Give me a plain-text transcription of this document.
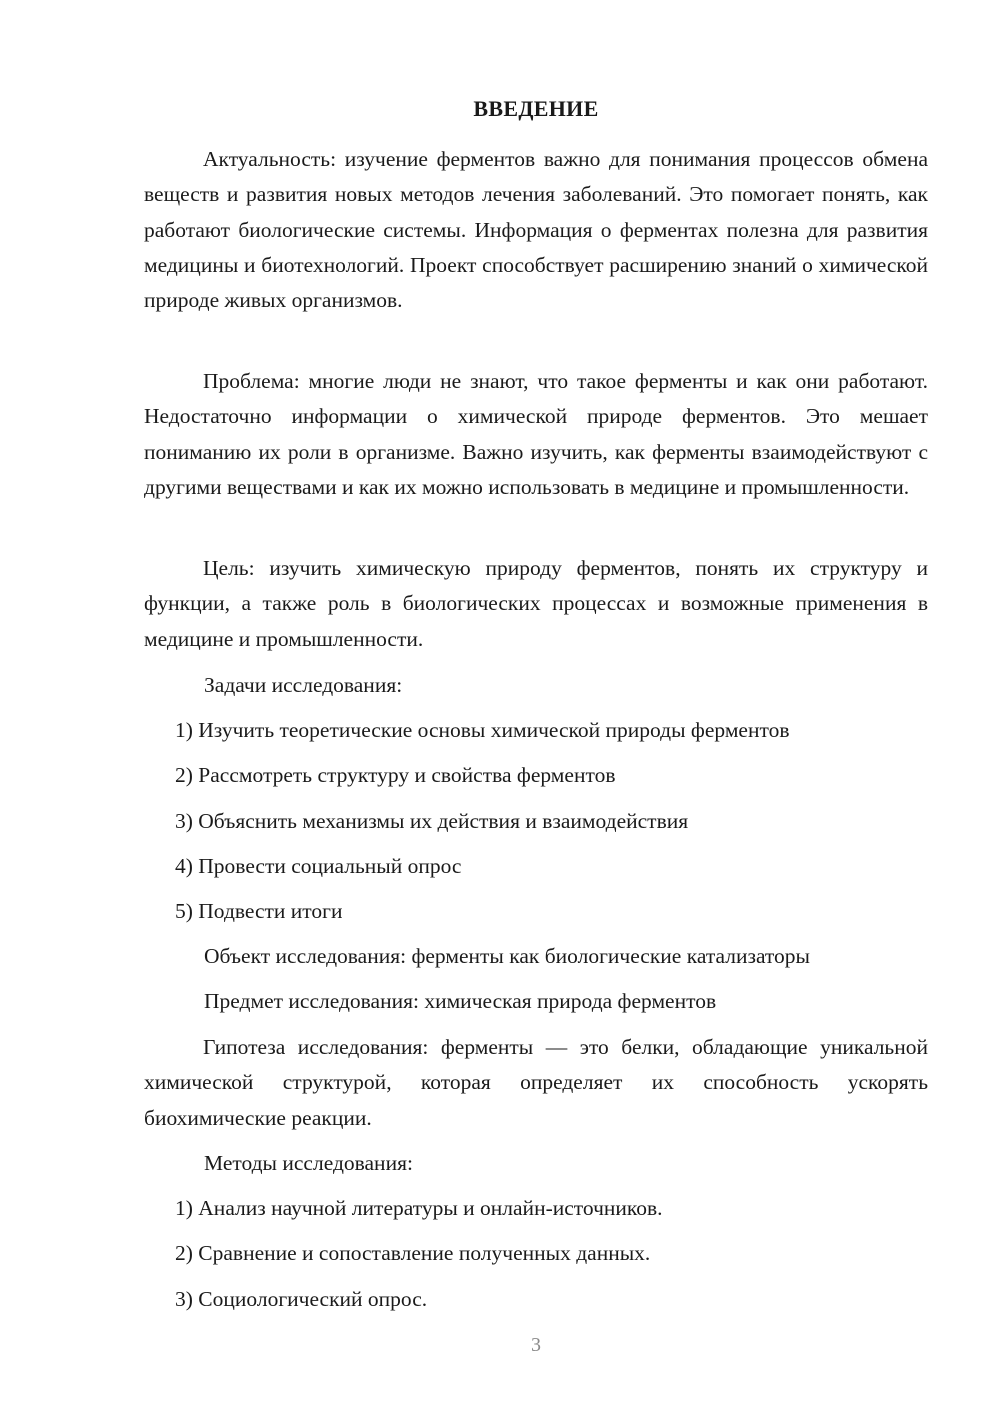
ВВЕДЕНИЕ
Актуальность: изучение ферментов важно для понимания процессов обмена веществ и развития новых методов лечения заболеваний. Это помогает понять, как работают биологические системы. Информация о ферментах полезна для развития медицины и биотехнологий. Проект способствует расширению знаний о химической природе живых организмов.
Проблема: многие люди не знают, что такое ферменты и как они работают. Недостаточно информации о химической природе ферментов. Это мешает пониманию их роли в организме. Важно изучить, как ферменты взаимодействуют с другими веществами и как их можно использовать в медицине и промышленности.
Цель: изучить химическую природу ферментов, понять их структуру и функции, а также роль в биологических процессах и возможные применения в медицине и промышленности.
Задачи исследования:
1) Изучить теоретические основы химической природы ферментов
2) Рассмотреть структуру и свойства ферментов
3) Объяснить механизмы их действия и взаимодействия
4) Провести социальный опрос
5) Подвести итоги
Объект исследования: ферменты как биологические катализаторы
Предмет исследования: химическая природа ферментов
Гипотеза исследования: ферменты — это белки, обладающие уникальной химической структурой, которая определяет их способность ускорять биохимические реакции.
Методы исследования:
1) Анализ научной литературы и онлайн-источников.
2) Сравнение и сопоставление полученных данных.
3) Социологический опрос.
3
